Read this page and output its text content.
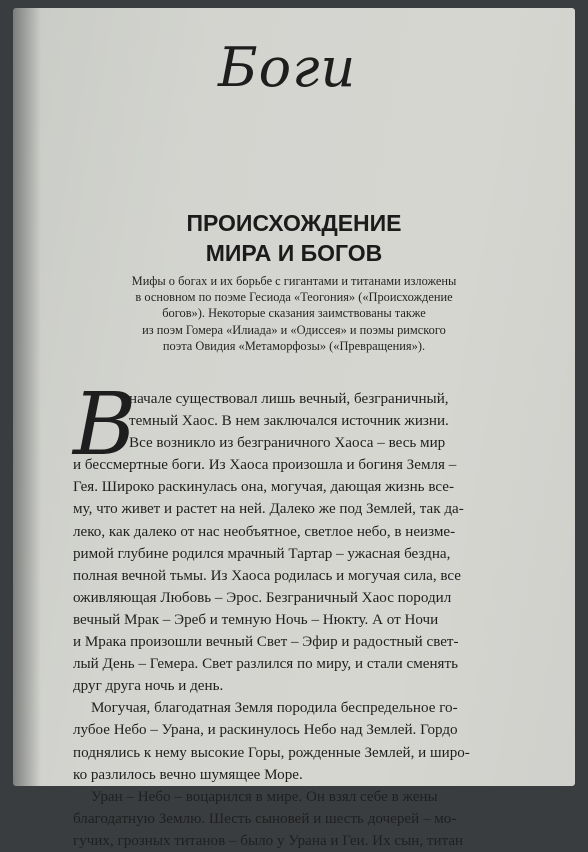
Боги
ПРОИСХОЖДЕНИЕ
МИРА И БОГОВ

Мифы о богах и их борьбе с гигантами и титанами изложены
в основном по поэме Гесиода «Теогония» («Происхождение
богов»). Некоторые сказания заимствованы также
из поэм Гомера «Илиада» и «Одиссея» и поэмы римского
поэта Овидия «Метаморфозы» («Превращения»).

В
начале существовал лишь вечный, безграничный,
темный Хаос. В нем заключался источник жизни.
Все возникло из безграничного Хаоса – весь мир
и бессмертные боги. Из Хаоса произошла и богиня Земля –
Гея. Широко раскинулась она, могучая, дающая жизнь все-
му, что живет и растет на ней. Далеко же под Землей, так да-
леко, как далеко от нас необъятное, светлое небо, в неизме-
римой глубине родился мрачный Тартар – ужасная бездна,
полная вечной тьмы. Из Хаоса родилась и могучая сила, все
оживляющая Любовь – Эрос. Безграничный Хаос породил
вечный Мрак – Эреб и темную Ночь – Нюкту. А от Ночи
и Мрака произошли вечный Свет – Эфир и радостный свет-
лый День – Гемера. Свет разлился по миру, и стали сменять
друг друга ночь и день.
Могучая, благодатная Земля породила беспредельное го-
лубое Небо – Урана, и раскинулось Небо над Землей. Гордо
поднялись к нему высокие Горы, рожденные Землей, и широ-
ко разлилось вечно шумящее Море.
Уран – Небо – воцарился в мире. Он взял себе в жены
благодатную Землю. Шесть сыновей и шесть дочерей – мо-
гучих, грозных титанов – было у Урана и Геи. Их сын, титан
